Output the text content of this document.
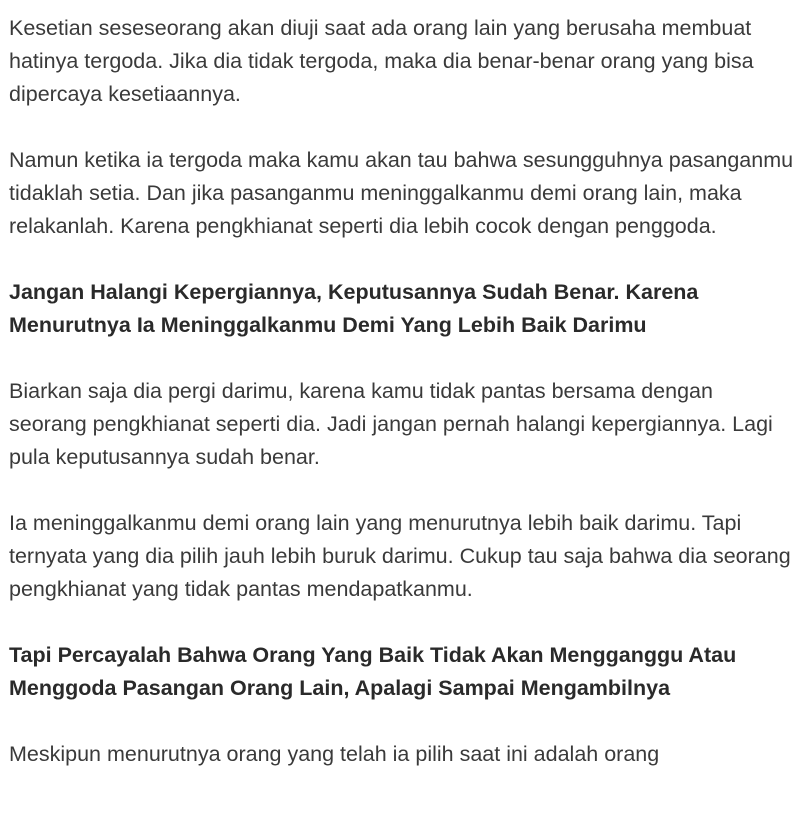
Kesetian seseseorang akan diuji saat ada orang lain yang berusaha membuat hatinya tergoda. Jika dia tidak tergoda, maka dia benar-benar orang yang bisa dipercaya kesetiaannya.

Namun ketika ia tergoda maka kamu akan tau bahwa sesungguhnya pasanganmu tidaklah setia. Dan jika pasanganmu meninggalkanmu demi orang lain, maka relakanlah. Karena pengkhianat seperti dia lebih cocok dengan penggoda.

Jangan Halangi Kepergiannya, Keputusannya Sudah Benar. Karena Menurutnya Ia Meninggalkanmu Demi Yang Lebih Baik Darimu

Biarkan saja dia pergi darimu, karena kamu tidak pantas bersama dengan seorang pengkhianat seperti dia. Jadi jangan pernah halangi kepergiannya. Lagi pula keputusannya sudah benar.

Ia meninggalkanmu demi orang lain yang menurutnya lebih baik darimu. Tapi ternyata yang dia pilih jauh lebih buruk darimu. Cukup tau saja bahwa dia seorang pengkhianat yang tidak pantas mendapatkanmu.

Tapi Percayalah Bahwa Orang Yang Baik Tidak Akan Mengganggu Atau Menggoda Pasangan Orang Lain, Apalagi Sampai Mengambilnya

Meskipun menurutnya orang yang telah ia pilih saat ini adalah orang
